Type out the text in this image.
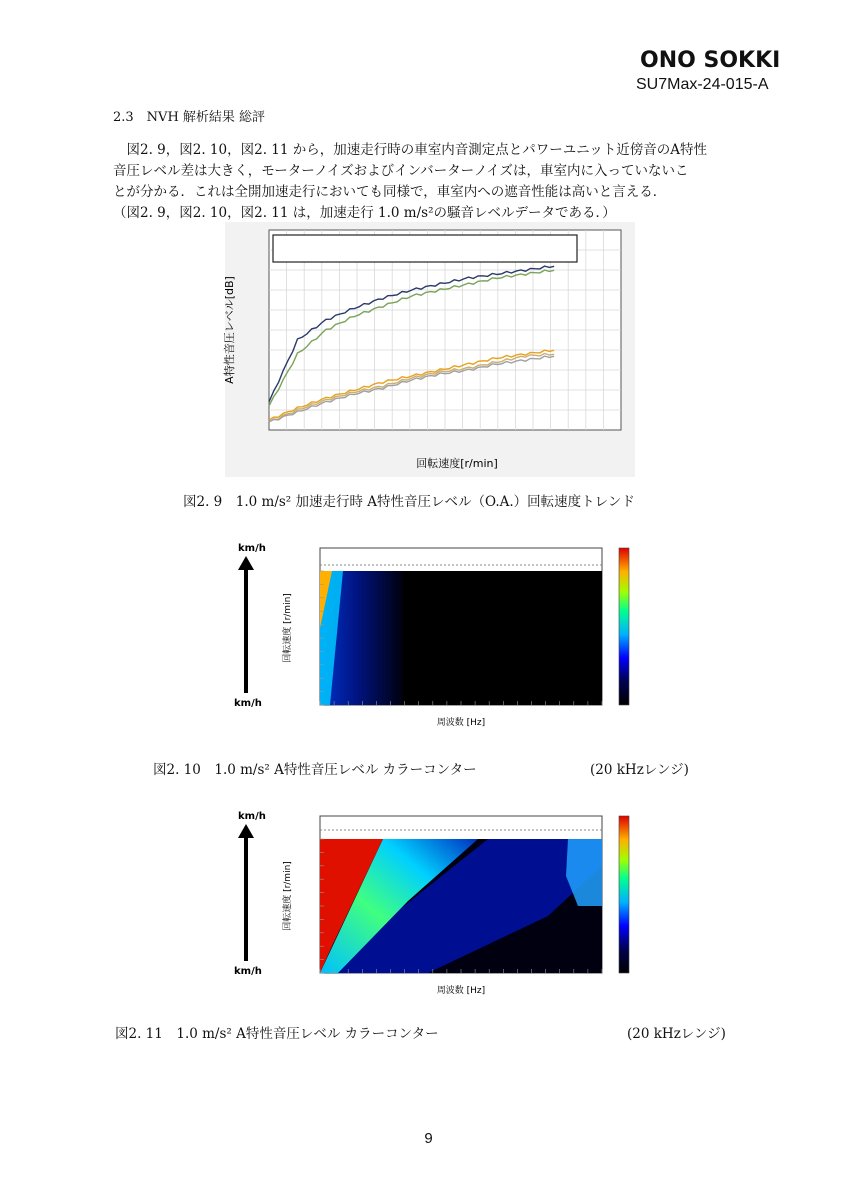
ONO SOKKI
SU7Max-24-015-A
2.3　NVH 解析結果 総評

　図2. 9，図2. 10，図2. 11 から，加速走行時の車室内音測定点とパワーユニット近傍音のA特性

音圧レベル差は大きく，モーターノイズおよびインバーターノイズは，車室内に入っていないこ

とが分かる．これは全開加速走行においても同様で，車室内への遮音性能は高いと言える．

（図2. 9，図2. 10，図2. 11 は，加速走行 1.0 m/s²の騒音レベルデータである．）

A特性音圧レベル[dB]
回転速度[r/min]
図2. 9　1.0 m/s² 加速走行時 A特性音圧レベル（O.A.）回転速度トレンド
km/h
km/h
回転速度 [r/min]
周波数 [Hz]
図2. 10　1.0 m/s² A特性音圧レベル カラーコンター	(20 kHzレンジ)
km/h
km/h
回転速度 [r/min]
周波数 [Hz]
図2. 11　1.0 m/s² A特性音圧レベル カラーコンター	(20 kHzレンジ)
9
